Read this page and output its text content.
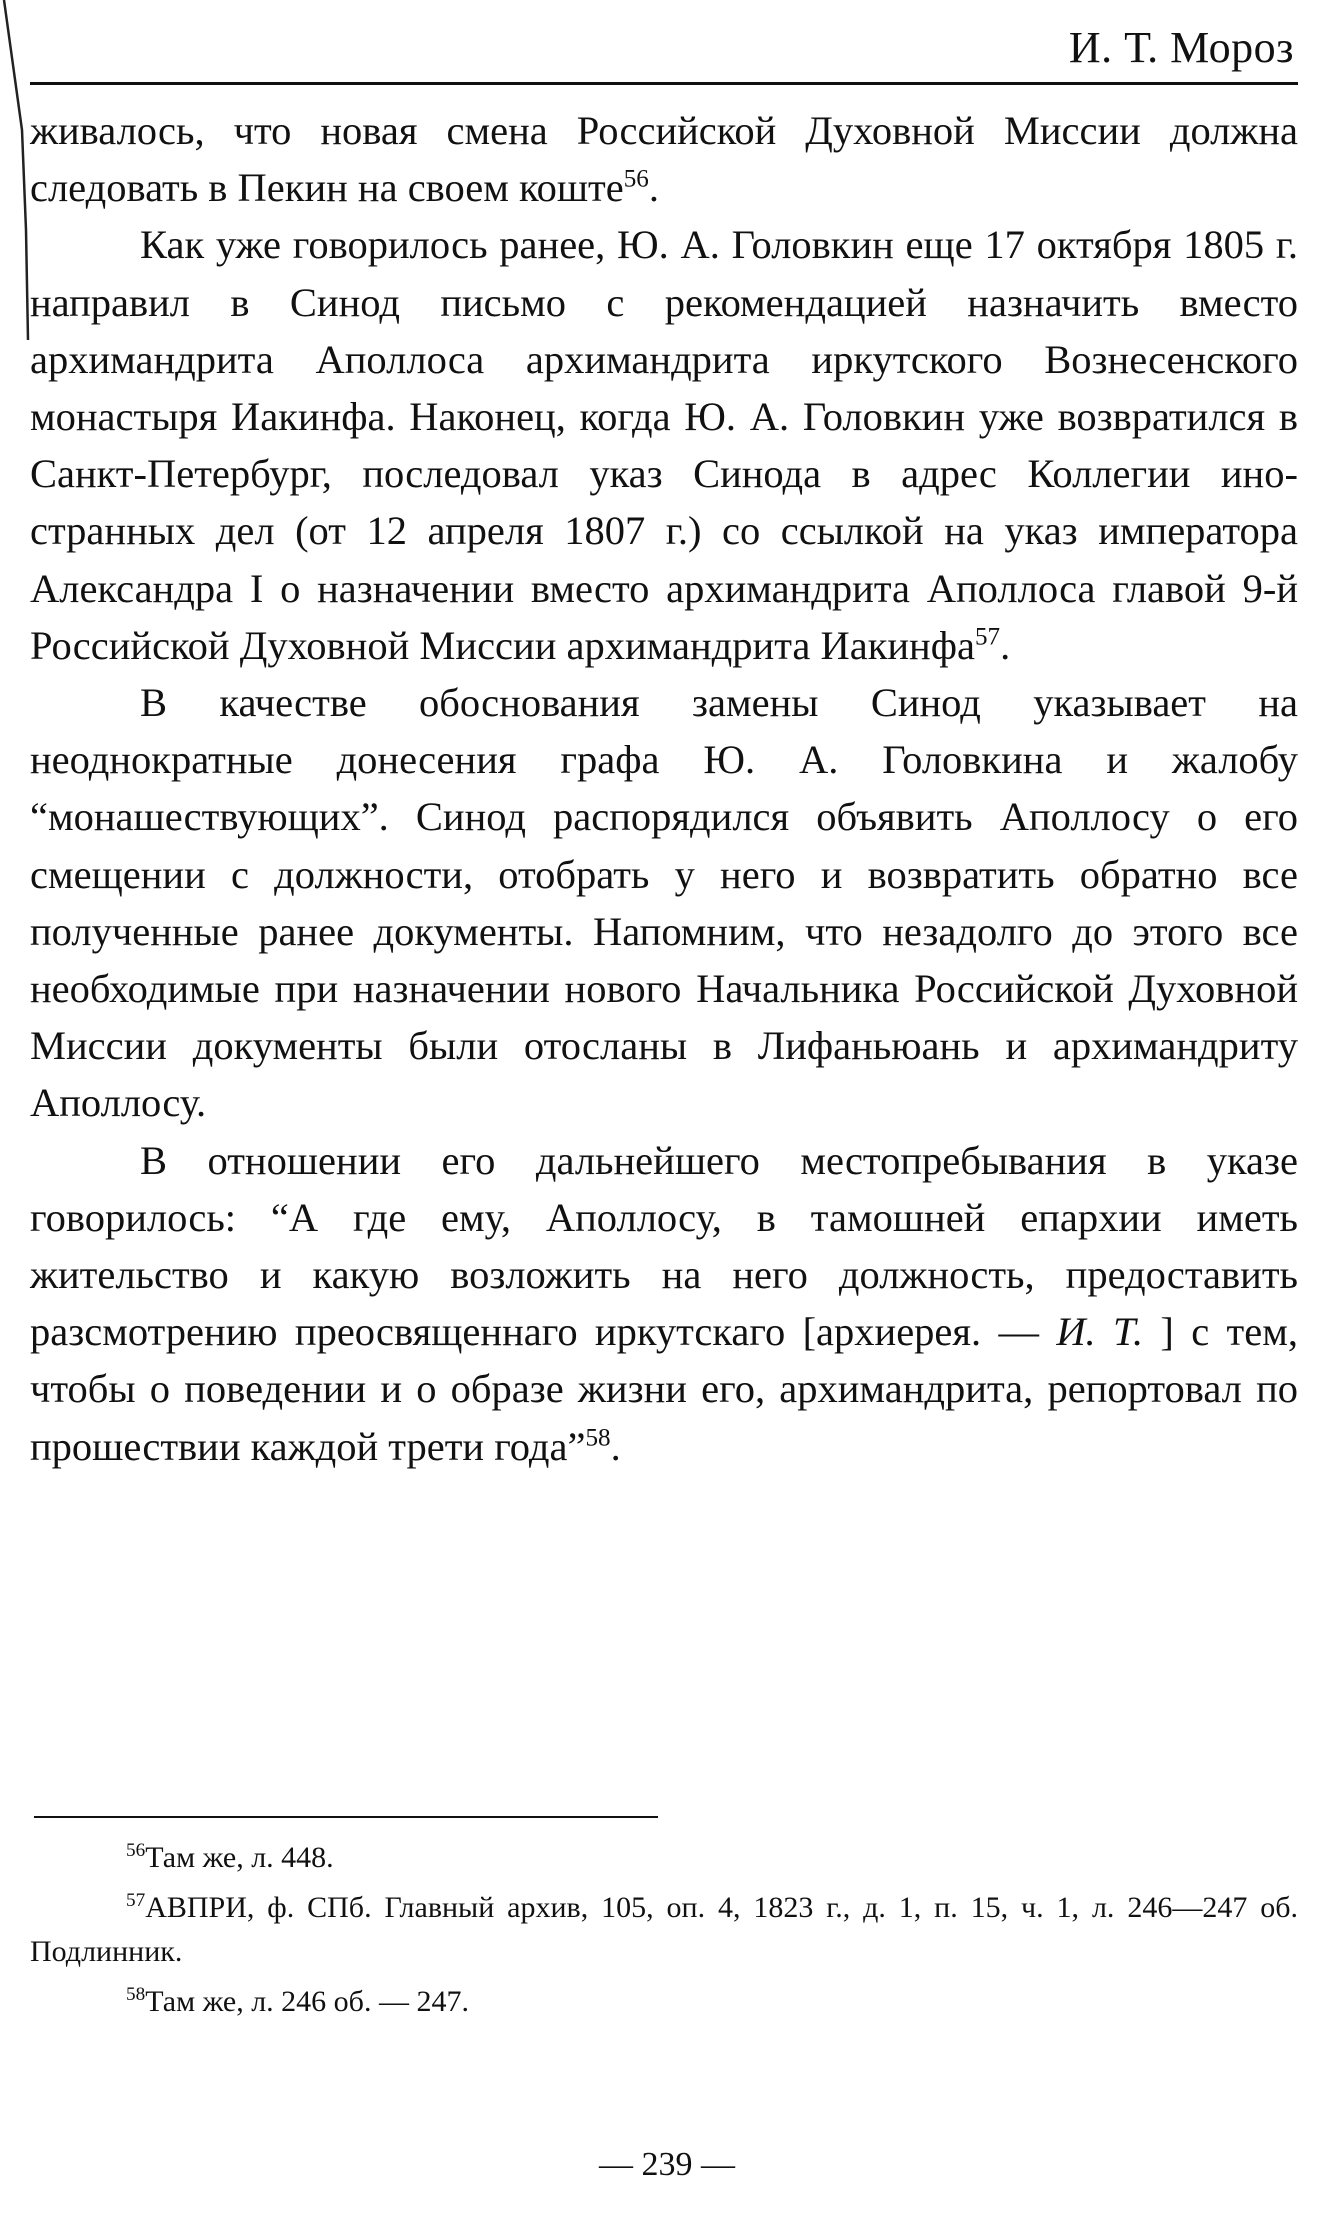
И. Т. Мороз

живалось, что новая смена Российской Духовной Миссии должна следовать в Пекин на своем коште$^{56}$.

Как уже говорилось ранее, Ю. А. Головкин еще 17 октября 1805 г. направил в Синод письмо с рекомендацией назначить вместо архимандрита Аполлоса архимандрита иркутского Вознесенского монастыря Иакинфа. Наконец, когда Ю. А. Головкин уже возвратился в Санкт-Петербург, последовал указ Синода в адрес Коллегии иностранных дел (от 12 апреля 1807 г.) со ссылкой на указ императора Александра I о назначении вместо архимандрита Аполлоса главой 9-й Российской Духовной Миссии архимандрита Иакинфа$^{57}$.

В качестве обоснования замены Синод указывает на неоднократные донесения графа Ю. А. Головкина и жалобу “монашествующих”. Синод распорядился объявить Аполлосу о его смещении с должности, отобрать у него и возвратить обратно все полученные ранее документы. Напомним, что незадолго до этого все необходимые при назначении нового Начальника Российской Духовной Миссии документы были отосланы в Лифаньюань и архимандриту Аполлосу.

В отношении его дальнейшего местопребывания в указе говорилось: “А где ему, Аполлосу, в тамошней епархии иметь жительство и какую возложить на него должность, предоставить разсмотрению преосвященнаго иркутскаго [архиерея. — И. Т. ] с тем, чтобы о поведении и о образе жизни его, архимандрита, репортовал по прошествии каждой трети года”$^{58}$.

$^{56}$Там же, л. 448.

$^{57}$АВПРИ, ф. СПб. Главный архив, 105, оп. 4, 1823 г., д. 1, п. 15, ч. 1, л. 246—247 об. Подлинник.

$^{58}$Там же, л. 246 об. — 247.

— 239 —
